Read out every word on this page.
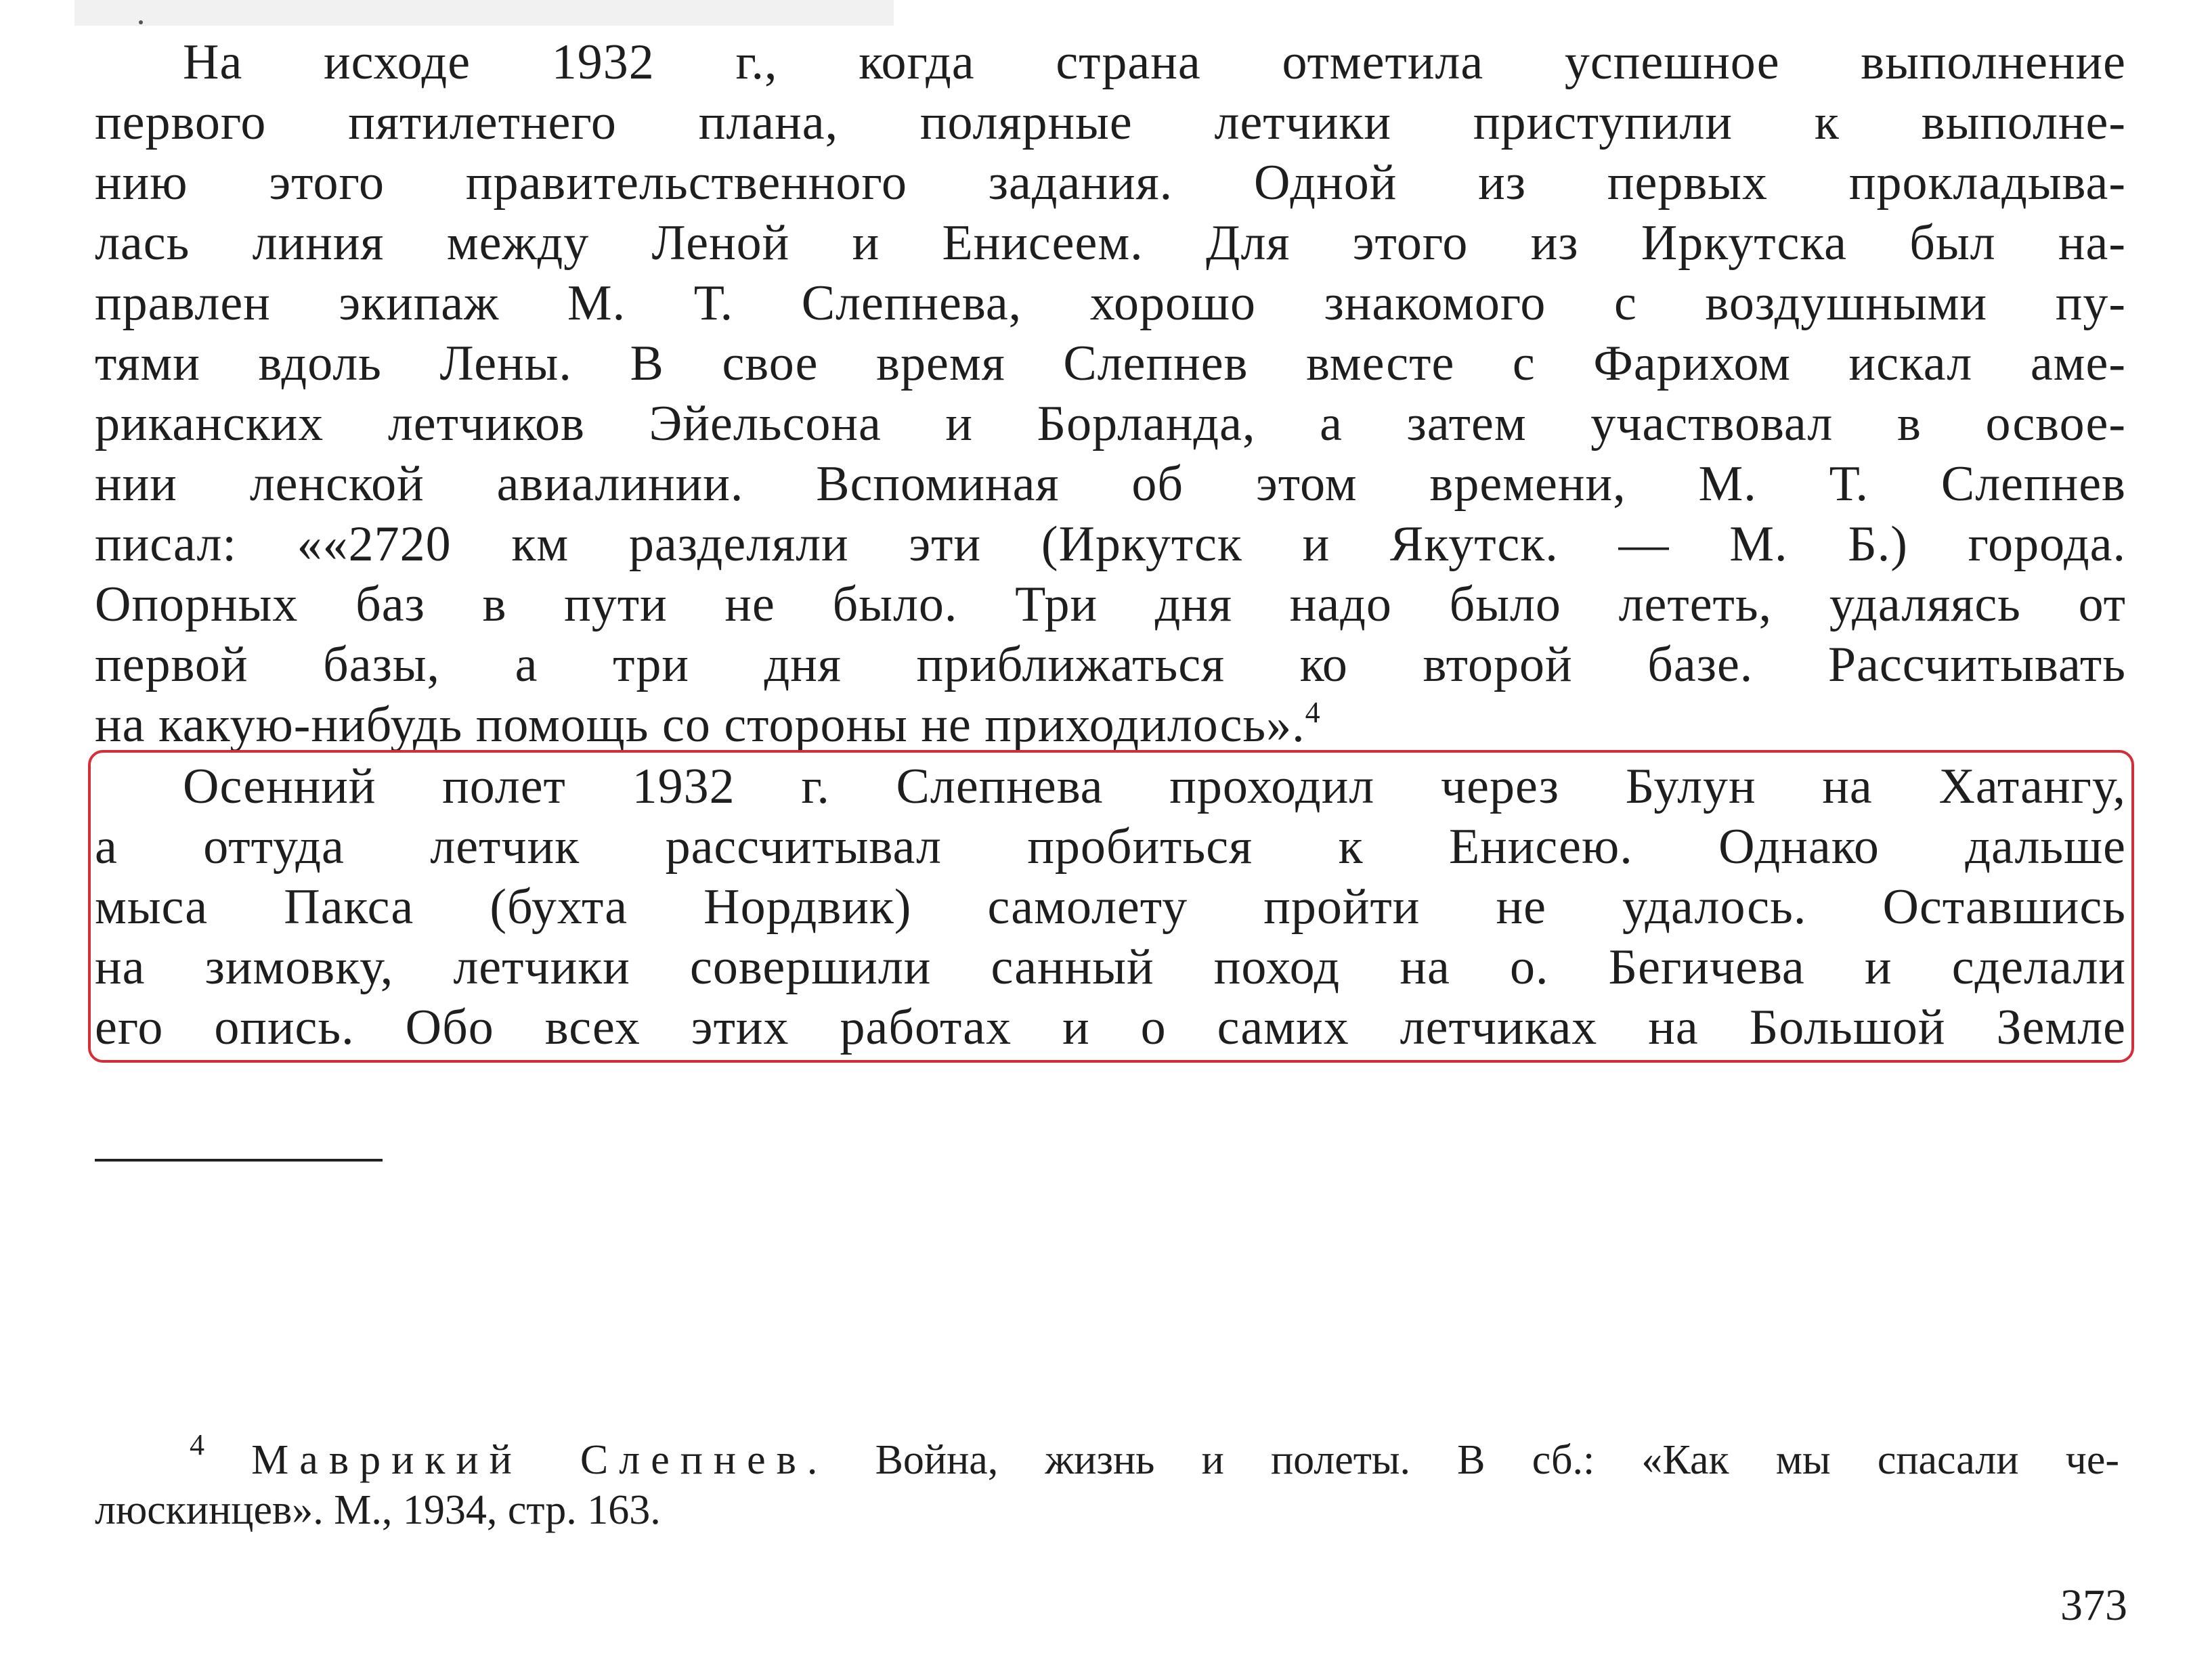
На исходе 1932 г., когда страна отметила успешное выполнение
первого пятилетнего плана, полярные летчики приступили к выполне-
нию этого правительственного задания. Одной из первых прокладыва-
лась линия между Леной и Енисеем. Для этого из Иркутска был на-
правлен экипаж М. Т. Слепнева, хорошо знакомого с воздушными пу-
тями вдоль Лены. В свое время Слепнев вместе с Фарихом искал аме-
риканских летчиков Эйельсона и Борланда, а затем участвовал в освое-
нии ленской авиалинии. Вспоминая об этом времени, М. Т. Слепнев
писал: ««2720 км разделяли эти (Иркутск и Якутск. — М. Б.) города.
Опорных баз в пути не было. Три дня надо было лететь, удаляясь от
первой базы, а три дня приближаться ко второй базе. Рассчитывать
на какую-нибудь помощь со стороны не приходилось».$^4$
Осенний полет 1932 г. Слепнева проходил через Булун на Хатангу,
а оттуда летчик рассчитывал пробиться к Енисею. Однако дальше
мыса Пакса (бухта Нордвик) самолету пройти не удалось. Оставшись
на зимовку, летчики совершили санный поход на о. Бегичева и сделали
его опись. Обо всех этих работах и о самих летчиках на Большой Земле
$^4$ Маврикий Слепнев. Война, жизнь и полеты. В сб.: «Как мы спасали че-
люскинцев». М., 1934, стр. 163.
373
